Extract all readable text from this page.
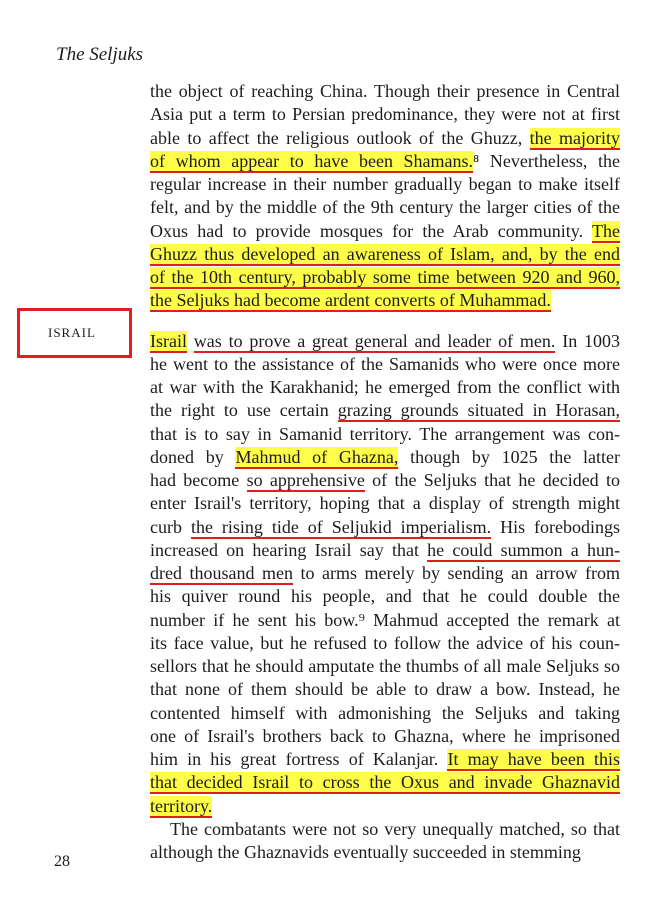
The Seljuks
ISRAIL
the object of reaching China. Though their presence in Central
Asia put a term to Persian predominance, they were not at first
able to affect the religious outlook of the Ghuzz, the majority
of whom appear to have been Shamans.⁸ Nevertheless, the
regular increase in their number gradually began to make itself
felt, and by the middle of the 9th century the larger cities of the
Oxus had to provide mosques for the Arab community. The
Ghuzz thus developed an awareness of Islam, and, by the end
of the 10th century, probably some time between 920 and 960,
the Seljuks had become ardent converts of Muhammad.
Israil was to prove a great general and leader of men. In 1003
he went to the assistance of the Samanids who were once more
at war with the Karakhanid; he emerged from the conflict with
the right to use certain grazing grounds situated in Horasan,
that is to say in Samanid territory. The arrangement was con-
doned by Mahmud of Ghazna, though by 1025 the latter
had become so apprehensive of the Seljuks that he decided to
enter Israil's territory, hoping that a display of strength might
curb the rising tide of Seljukid imperialism. His forebodings
increased on hearing Israil say that he could summon a hun-
dred thousand men to arms merely by sending an arrow from
his quiver round his people, and that he could double the
number if he sent his bow.⁹ Mahmud accepted the remark at
its face value, but he refused to follow the advice of his coun-
sellors that he should amputate the thumbs of all male Seljuks so
that none of them should be able to draw a bow. Instead, he
contented himself with admonishing the Seljuks and taking
one of Israil's brothers back to Ghazna, where he imprisoned
him in his great fortress of Kalanjar. It may have been this
that decided Israil to cross the Oxus and invade Ghaznavid
territory.
The combatants were not so very unequally matched, so that
although the Ghaznavids eventually succeeded in stemming
28
